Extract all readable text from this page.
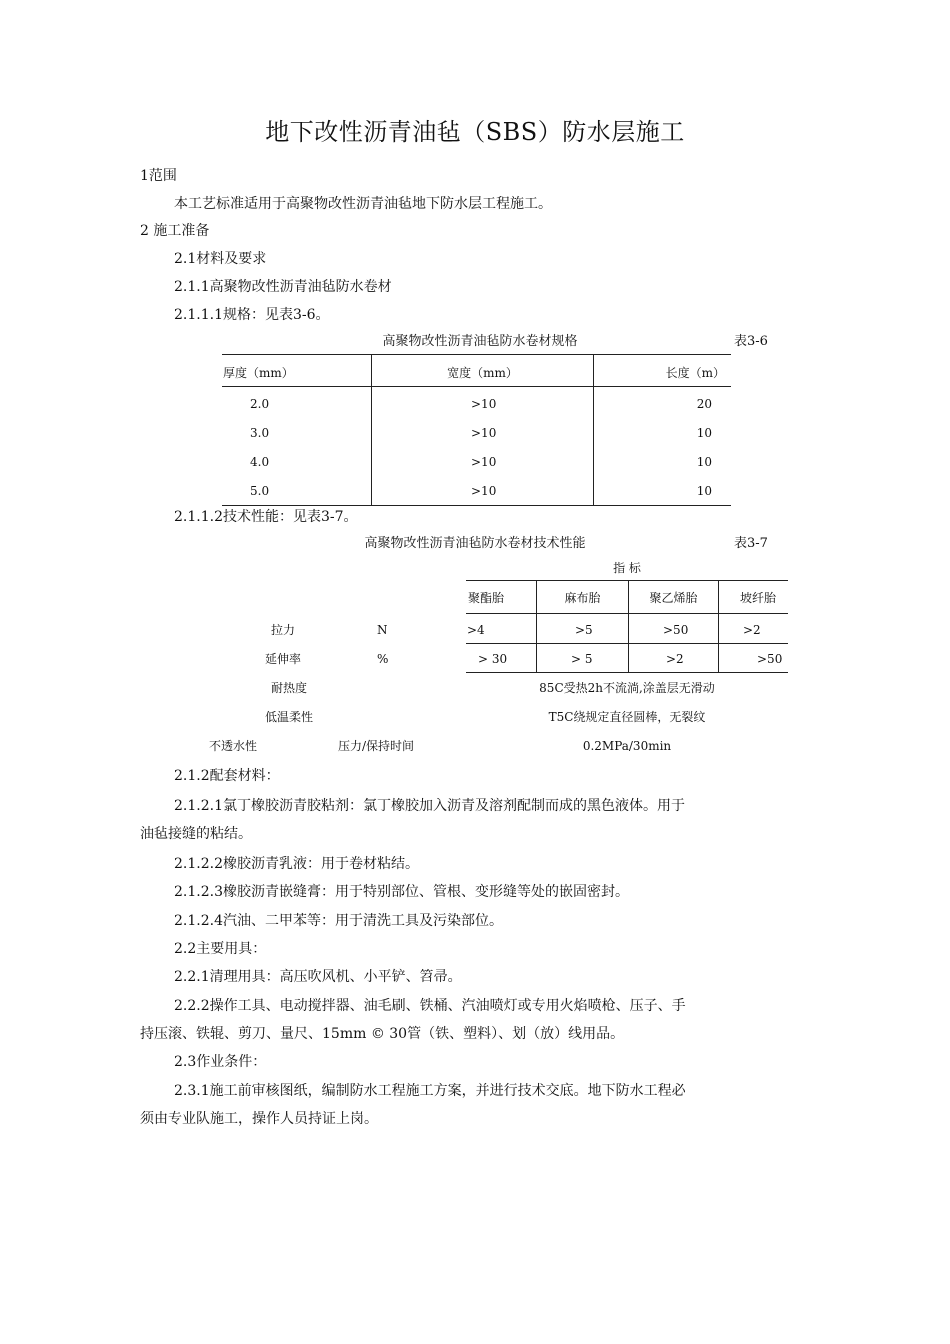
地下改性沥青油毡（SBS）防水层施工
1范围
本工艺标准适用于高聚物改性沥青油毡地下防水层工程施工。
2 施工准备
2.1材料及要求
2.1.1高聚物改性沥青油毡防水卷材
2.1.1.1规格：见表3-6。
高聚物改性沥青油毡防水卷材规格	表3-6
厚度（mm）	宽度（mm）	长度（m）
2.0	>10	20
3.0	>10	10
4.0	>10	10
5.0	>10	10
2.1.1.2技术性能：见表3-7。
高聚物改性沥青油毡防水卷材技术性能	表3-7
指 标
聚酯胎	麻布胎	聚乙烯胎	坡纤胎
拉力	N	>4	>5	>50	>2
延伸率	%	> 30	> 5	>2	>50
耐热度	85C受热2h不流淌,涂盖层无滑动
低温柔性	T5C绕规定直径圆棒，无裂纹
不透水性	压力/保持时间	0.2MPa/30min
2.1.2配套材料：
2.1.2.1氯丁橡胶沥青胶粘剂：氯丁橡胶加入沥青及溶剂配制而成的黑色液体。用于
油毡接缝的粘结。
2.1.2.2橡胶沥青乳液：用于卷材粘结。
2.1.2.3橡胶沥青嵌缝膏：用于特别部位、管根、变形缝等处的嵌固密封。
2.1.2.4汽油、二甲苯等：用于清洗工具及污染部位。
2.2主要用具：
2.2.1清理用具：高压吹风机、小平铲、笤帚。
2.2.2操作工具、电动搅拌器、油毛刷、铁桶、汽油喷灯或专用火焰喷枪、压子、手
持压滚、铁辊、剪刀、量尺、15mm © 30管（铁、塑料）、划（放）线用品。
2.3作业条件：
2.3.1施工前审核图纸，编制防水工程施工方案，并进行技术交底。地下防水工程必
须由专业队施工，操作人员持证上岗。
